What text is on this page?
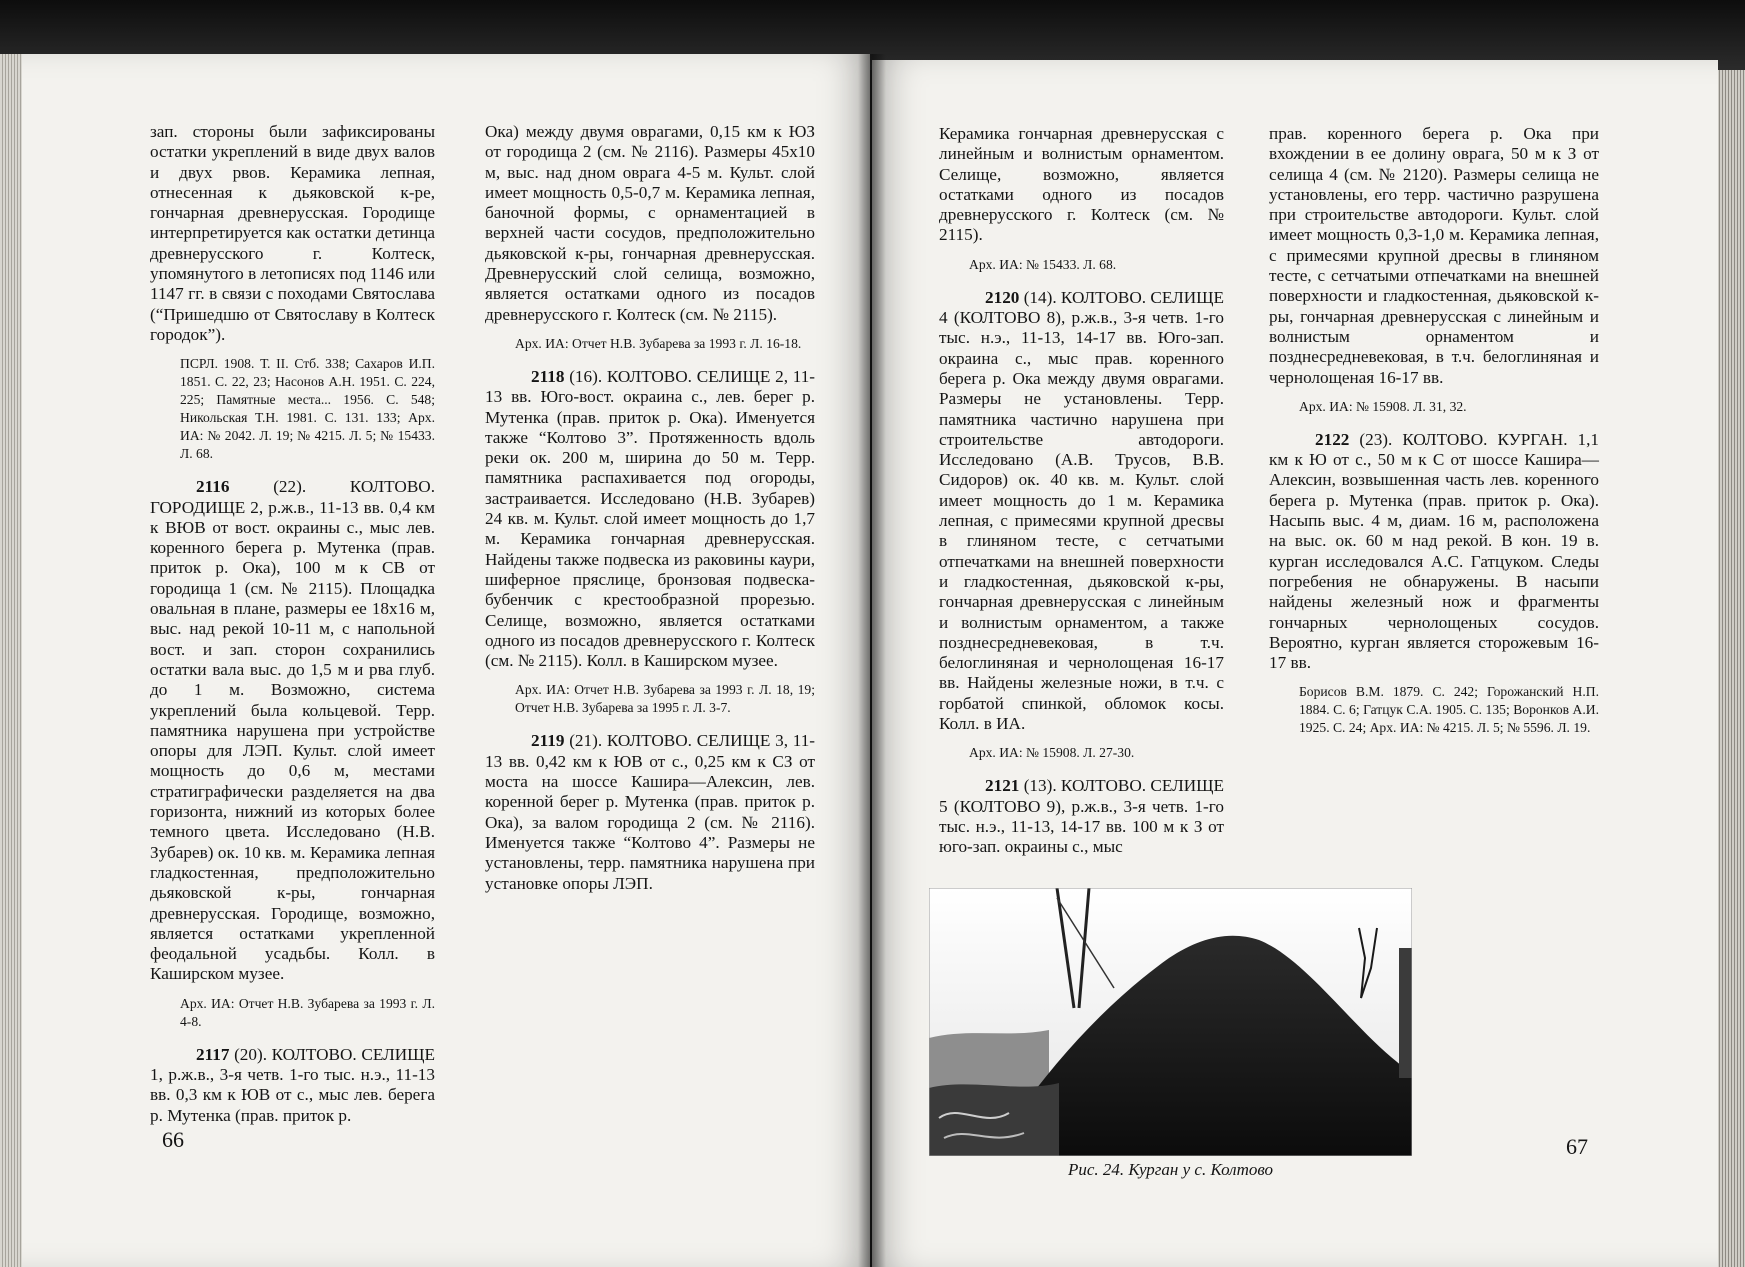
зап. стороны были зафиксированы остатки укреплений в виде двух валов и двух рвов. Керамика лепная, отнесенная к дьяковской к-ре, гончарная древнерусская. Городище интерпретируется как остатки детинца древнерусского г. Колтеск, упомянутого в летописях под 1146 или 1147 гг. в связи с походами Святослава (“Пришедшю от Святославу в Колтеск городок”).

ПСРЛ. 1908. Т. II. Стб. 338; Сахаров И.П. 1851. С. 22, 23; Насонов А.Н. 1951. С. 224, 225; Памятные места... 1956. С. 548; Никольская Т.Н. 1981. С. 131. 133; Арх. ИА: № 2042. Л. 19; № 4215. Л. 5; № 15433. Л. 68.

2116	(22). КОЛТОВО. ГОРОДИЩЕ 2, р.ж.в., 11-13 вв. 0,4 км к ВЮВ от вост. окраины с., мыс лев. коренного берега р. Мутенка (прав. приток р. Ока), 100 м к СВ от городища 1 (см. № 2115). Площадка овальная в плане, размеры ее 18х16 м, выс. над рекой 10-11 м, с напольной вост. и зап. сторон сохранились остатки вала выс. до 1,5 м и рва глуб. до 1 м. Возможно, система укреплений была кольцевой. Терр. памятника нарушена при устройстве опоры для ЛЭП. Культ. слой имеет мощность до 0,6 м, местами стратиграфически разделяется на два горизонта, нижний из которых более темного цвета. Исследовано (Н.В. Зубарев) ок. 10 кв. м. Керамика лепная гладкостенная, предположительно дьяковской к-ры, гончарная древнерусская. Городище, возможно, является остатками укрепленной феодальной усадьбы. Колл. в Каширском музее.

Арх. ИА: Отчет Н.В. Зубарева за 1993 г. Л. 4-8.

2117 (20). КОЛТОВО. СЕЛИЩЕ 1, р.ж.в., 3-я четв. 1-го тыс. н.э., 11-13 вв. 0,3 км к ЮВ от с., мыс лев. берега р. Мутенка (прав. приток р.

Ока) между двумя оврагами, 0,15 км к ЮЗ от городища 2 (см. № 2116). Размеры 45х10 м, выс. над дном оврага 4-5 м. Культ. слой имеет мощность 0,5-0,7 м. Керамика лепная, баночной формы, с орнаментацией в верхней части сосудов, предположительно дьяковской к-ры, гончарная древнерусская. Древнерусский слой селища, возможно, является остатками одного из посадов древнерусского г. Колтеск (см. № 2115).

Арх. ИА: Отчет Н.В. Зубарева за 1993 г. Л. 16-18.

2118 (16). КОЛТОВО. СЕЛИЩЕ 2, 11-13 вв. Юго-вост. окраина с., лев. берег р. Мутенка (прав. приток р. Ока). Именуется также “Колтово 3”. Протяженность вдоль реки ок. 200 м, ширина до 50 м. Терр. памятника распахивается под огороды, застраивается. Исследовано (Н.В. Зубарев) 24 кв. м. Культ. слой имеет мощность до 1,7 м. Керамика гончарная древнерусская. Найдены также подвеска из раковины каури, шиферное пряслице, бронзовая подвеска-бубенчик с крестообразной прорезью. Селище, возможно, является остатками одного из посадов древнерусского г. Колтеск (см. № 2115). Колл. в Каширском музее.

Арх. ИА: Отчет Н.В. Зубарева за 1993 г. Л. 18, 19; Отчет Н.В. Зубарева за 1995 г. Л. 3-7.

2119 (21). КОЛТОВО. СЕЛИЩЕ 3, 11-13 вв. 0,42 км к ЮВ от с., 0,25 км к СЗ от моста на шоссе Кашира—Алексин, лев. коренной берег р. Мутенка (прав. приток р. Ока), за валом городища 2 (см. № 2116). Именуется также “Колтово 4”. Размеры не установлены, терр. памятника нарушена при установке опоры ЛЭП.

66

Керамика гончарная древнерусская с линейным и волнистым орнаментом. Селище, возможно, является остатками одного из посадов древнерусского г. Колтеск (см. № 2115).

Арх. ИА: № 15433. Л. 68.

2120 (14). КОЛТОВО. СЕЛИЩЕ 4 (КОЛТОВО 8), р.ж.в., 3-я четв. 1-го тыс. н.э., 11-13, 14-17 вв. Юго-зап. окраина с., мыс прав. коренного берега р. Ока между двумя оврагами. Размеры не установлены. Терр. памятника частично нарушена при строительстве автодороги. Исследовано (А.В. Трусов, В.В. Сидоров) ок. 40 кв. м. Культ. слой имеет мощность до 1 м. Керамика лепная, с примесями крупной дресвы в глиняном тесте, с сетчатыми отпечатками на внешней поверхности и гладкостенная, дьяковской к-ры, гончарная древнерусская с линейным и волнистым орнаментом, а также позднесредневековая, в т.ч. белоглиняная и чернолощеная 16-17 вв. Найдены железные ножи, в т.ч. с горбатой спинкой, обломок косы. Колл. в ИА.

Арх. ИА: № 15908. Л. 27-30.

2121 (13). КОЛТОВО. СЕЛИЩЕ 5 (КОЛТОВО 9), р.ж.в., 3-я четв. 1-го тыс. н.э., 11-13, 14-17 вв. 100 м к З от юго-зап. окраины с., мыс

прав. коренного берега р. Ока при вхождении в ее долину оврага, 50 м к З от селища 4 (см. № 2120). Размеры селища не установлены, его терр. частично разрушена при строительстве автодороги. Культ. слой имеет мощность 0,3-1,0 м. Керамика лепная, с примесями крупной дресвы в глиняном тесте, с сетчатыми отпечатками на внешней поверхности и гладкостенная, дьяковской к-ры, гончарная древнерусская с линейным и волнистым орнаментом и позднесредневековая, в т.ч. белоглиняная и чернолощеная 16-17 вв.

Арх. ИА: № 15908. Л. 31, 32.

2122 (23). КОЛТОВО. КУРГАН. 1,1 км к Ю от с., 50 м к С от шоссе Кашира—Алексин, возвышенная часть лев. коренного берега р. Мутенка (прав. приток р. Ока). Насыпь выс. 4 м, диам. 16 м, расположена на выс. ок. 60 м над рекой. В кон. 19 в. курган исследовался А.С. Гатцуком. Следы погребения не обнаружены. В насыпи найдены железный нож и фрагменты гончарных чернолощеных сосудов. Вероятно, курган является сторожевым 16-17 вв.

Борисов В.М. 1879. С. 242; Горожанский Н.П. 1884. С. 6; Гатцук С.А. 1905. С. 135; Воронков А.И. 1925. С. 24; Арх. ИА: № 4215. Л. 5; № 5596. Л. 19.

Рис. 24. Курган у с. Колтово
67
